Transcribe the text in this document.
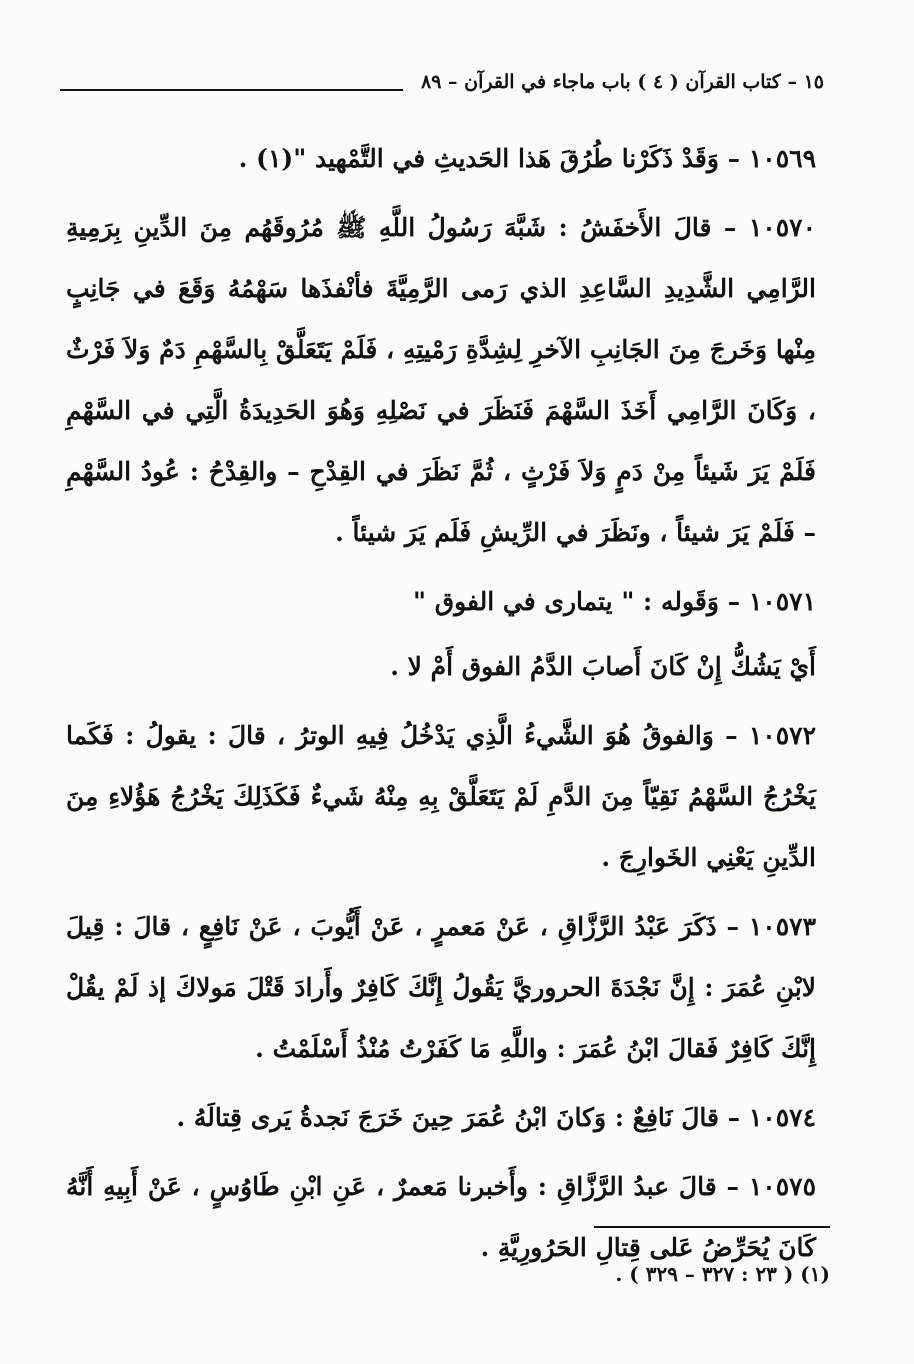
١٥ – كتاب القرآن ( ٤ ) باب ماجاء في القرآن – ٨٩

١٠٥٦٩ – وَقَدْ ذَكَرْنا طُرُقَ هَذا الحَديثِ في التَّمْهيد "(١) .

١٠٥٧٠ – قالَ الأَخفَشُ : شَبَّهَ رَسُولُ اللَّهِ ﷺ مُرُوقَهُم مِنَ الدِّينِ بِرَمِيةِ الرَّامِي الشَّدِيدِ السَّاعِدِ الذي رَمى الرَّمِيَّةَ فأنْفذَها سَهْمُهُ وَقَعَ في جَانِبٍ مِنْها وَخَرجَ مِنَ الجَانِبِ الآخرِ لِشِدَّةِ رَمْيتِهِ ، فَلَمْ يَتَعَلَّقْ بِالسَّهْمِ دَمٌ وَلاَ فَرْثٌ ، وَكَانَ الرَّامِي أَخَذَ السَّهْمَ فَنَظَرَ في نَصْلِهِ وَهُوَ الحَدِيدَةُ الَّتِي في السَّهْمِ فَلَمْ يَرَ شَيئاً مِنْ دَمٍ وَلاَ فَرْثٍ ، ثُمَّ نَظَرَ في القِدْحِ – والقِدْحُ : عُودُ السَّهْمِ – فَلَمْ يَرَ شيئاً ، ونَظَرَ في الرِّيشِ فَلَم يَرَ شيئاً .

١٠٥٧١ – وَقَوله : " يتمارى في الفوق "

أَيْ يَشُكُّ إِنْ كَانَ أَصابَ الدَّمُ الفوق أَمْ لا .

١٠٥٧٢ – وَالفوقُ هُوَ الشَّيءُ الَّذِي يَدْخُلُ فِيهِ الوترُ ، قالَ : يقولُ : فَكَما يَخْرُجُ السَّهْمُ نَقِيّاً مِنَ الدَّمِ لَمْ يَتَعَلَّقْ بِهِ مِنْهُ شَيءٌ فَكَذَلِكَ يَخْرُجُ هَؤُلاءِ مِنَ الدِّينِ يَعْنِي الخَوارِجَ .

١٠٥٧٣ – ذَكَرَ عَبْدُ الرَّزَّاقِ ، عَنْ مَعمرٍ ، عَنْ أَيُّوبَ ، عَنْ نَافِعٍ ، قالَ : قِيلَ لابْنِ عُمَرَ : إِنَّ نَجْدَةَ الحروريَّ يَقُولُ إِنَّكَ كَافِرٌ وأَرادَ قَتْلَ مَولاكَ إذ لَمْ يقُلْ إِنَّكَ كَافِرٌ فَقالَ ابْنُ عُمَرَ : واللَّهِ مَا كَفَرْتُ مُنْذُ أَسْلَمْتُ .

١٠٥٧٤ – قالَ نَافِعٌ : وَكانَ ابْنُ عُمَرَ حِينَ خَرَجَ نَجدةُ يَرى قِتالَهُ .

١٠٥٧٥ – قالَ عبدُ الرَّزَّاقِ : وأَخبرنا مَعمرٌ ، عَنِ ابْنِ طَاوُسٍ ، عَنْ أَبِيهِ أَنَّهُ كَانَ يُحَرِّضُ عَلى قِتالِ الحَرُورِيَّةِ .

(١) ( ٢٣ : ٣٢٧ – ٣٢٩ ) .
